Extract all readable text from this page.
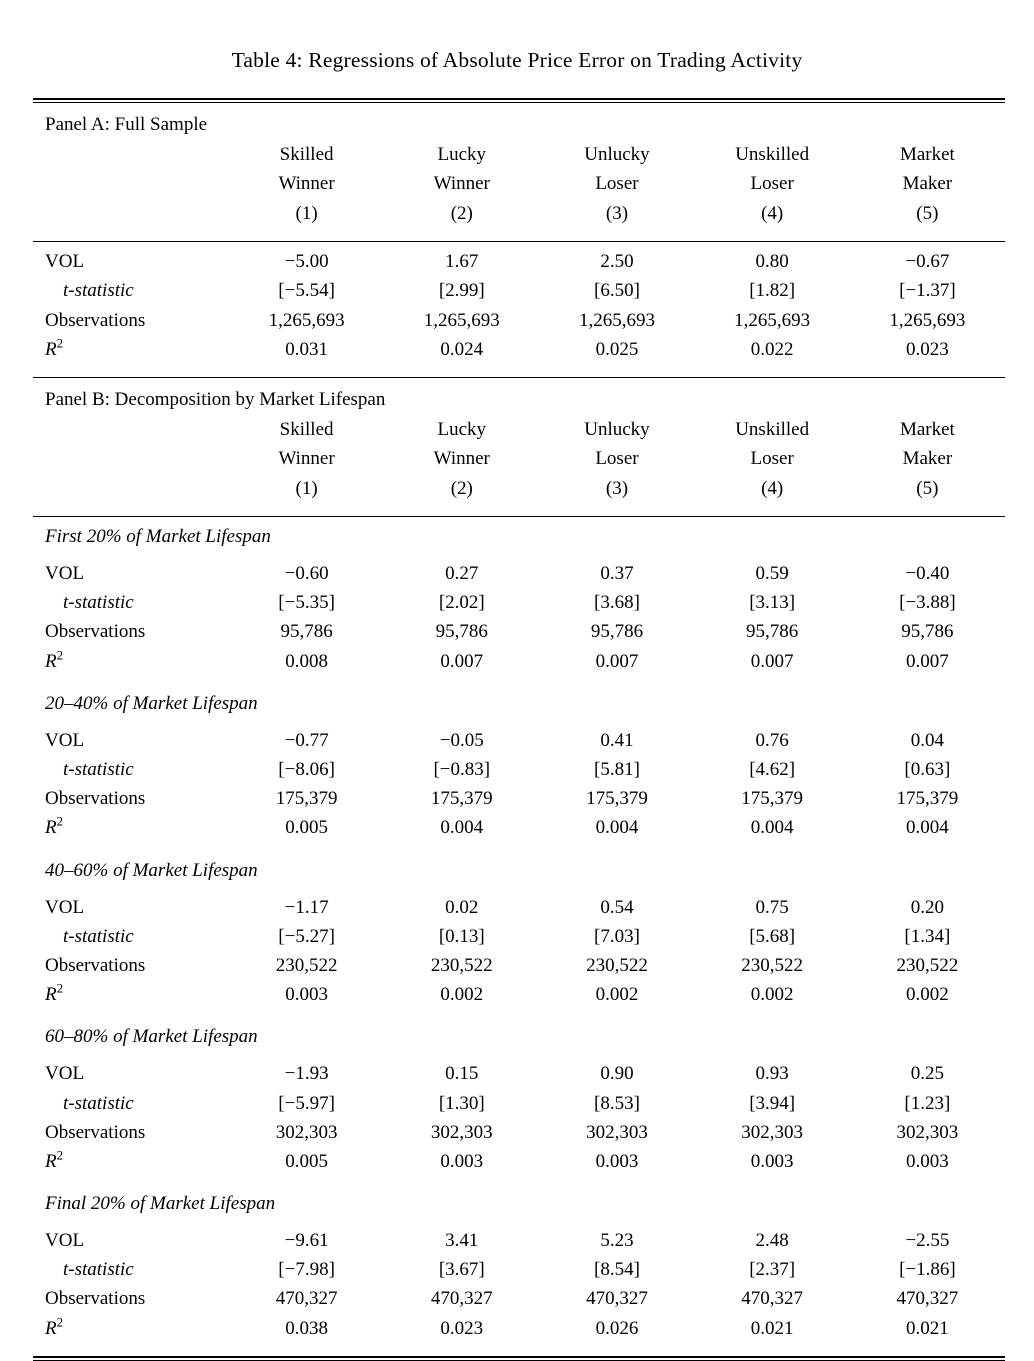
Table 4: Regressions of Absolute Price Error on Trading Activity

Panel A: Full Sample					
	Skilled	Lucky	Unlucky	Unskilled	Market
	Winner	Winner	Loser	Loser	Maker
	(1)	(2)	(3)	(4)	(5)

VOL	−5.00	1.67	2.50	0.80	−0.67
t-statistic	[−5.54]	[2.99]	[6.50]	[1.82]	[−1.37]
Observations	1,265,693	1,265,693	1,265,693	1,265,693	1,265,693
$R^2$	0.031	0.024	0.025	0.022	0.023

Panel B: Decomposition by Market Lifespan					
	Skilled	Lucky	Unlucky	Unskilled	Market
	Winner	Winner	Loser	Loser	Maker
	(1)	(2)	(3)	(4)	(5)

First 20% of Market Lifespan					
VOL	−0.60	0.27	0.37	0.59	−0.40
t-statistic	[−5.35]	[2.02]	[3.68]	[3.13]	[−3.88]
Observations	95,786	95,786	95,786	95,786	95,786
$R^2$	0.008	0.007	0.007	0.007	0.007

20–40% of Market Lifespan					
VOL	−0.77	−0.05	0.41	0.76	0.04
t-statistic	[−8.06]	[−0.83]	[5.81]	[4.62]	[0.63]
Observations	175,379	175,379	175,379	175,379	175,379
$R^2$	0.005	0.004	0.004	0.004	0.004

40–60% of Market Lifespan					
VOL	−1.17	0.02	0.54	0.75	0.20
t-statistic	[−5.27]	[0.13]	[7.03]	[5.68]	[1.34]
Observations	230,522	230,522	230,522	230,522	230,522
$R^2$	0.003	0.002	0.002	0.002	0.002

60–80% of Market Lifespan					
VOL	−1.93	0.15	0.90	0.93	0.25
t-statistic	[−5.97]	[1.30]	[8.53]	[3.94]	[1.23]
Observations	302,303	302,303	302,303	302,303	302,303
$R^2$	0.005	0.003	0.003	0.003	0.003

Final 20% of Market Lifespan					
VOL	−9.61	3.41	5.23	2.48	−2.55
t-statistic	[−7.98]	[3.67]	[8.54]	[2.37]	[−1.86]
Observations	470,327	470,327	470,327	470,327	470,327
$R^2$	0.038	0.023	0.026	0.021	0.021
